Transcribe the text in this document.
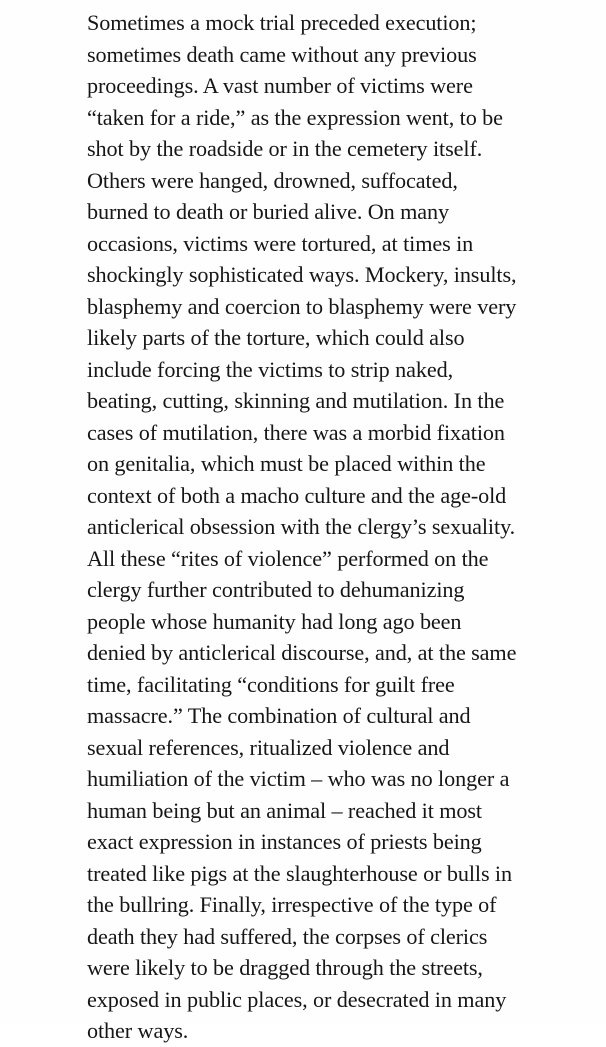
Sometimes a mock trial preceded execution;
sometimes death came without any previous
proceedings. A vast number of victims were
“taken for a ride,” as the expression went, to be
shot by the roadside or in the cemetery itself.
Others were hanged, drowned, suffocated,
burned to death or buried alive. On many
occasions, victims were tortured, at times in
shockingly sophisticated ways. Mockery, insults,
blasphemy and coercion to blasphemy were very
likely parts of the torture, which could also
include forcing the victims to strip naked,
beating, cutting, skinning and mutilation. In the
cases of mutilation, there was a morbid fixation
on genitalia, which must be placed within the
context of both a macho culture and the age-old
anticlerical obsession with the clergy’s sexuality.
All these “rites of violence” performed on the
clergy further contributed to dehumanizing
people whose humanity had long ago been
denied by anticlerical discourse, and, at the same
time, facilitating “conditions for guilt free
massacre.” The combination of cultural and
sexual references, ritualized violence and
humiliation of the victim – who was no longer a
human being but an animal – reached it most
exact expression in instances of priests being
treated like pigs at the slaughterhouse or bulls in
the bullring. Finally, irrespective of the type of
death they had suffered, the corpses of clerics
were likely to be dragged through the streets,
exposed in public places, or desecrated in many
other ways.
